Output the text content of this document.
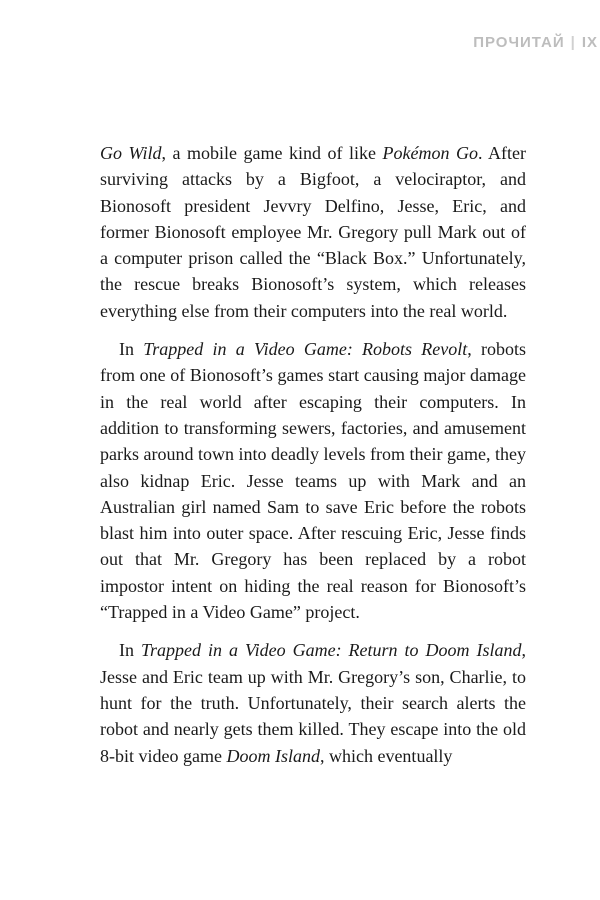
ПРОЧИТАЙ | IX

Go Wild, a mobile game kind of like Pokémon Go. After surviving attacks by a Bigfoot, a velociraptor, and Bionosoft president Jevvry Delfino, Jesse, Eric, and former Bionosoft employee Mr. Gregory pull Mark out of a computer prison called the “Black Box.” Unfortunately, the rescue breaks Bionosoft’s system, which releases everything else from their computers into the real world.

In Trapped in a Video Game: Robots Revolt, robots from one of Bionosoft’s games start causing major damage in the real world after escaping their computers. In addition to transforming sewers, factories, and amusement parks around town into deadly levels from their game, they also kidnap Eric. Jesse teams up with Mark and an Australian girl named Sam to save Eric before the robots blast him into outer space. After rescuing Eric, Jesse finds out that Mr. Gregory has been replaced by a robot impostor intent on hiding the real reason for Bionosoft’s “Trapped in a Video Game” project.

In Trapped in a Video Game: Return to Doom Island, Jesse and Eric team up with Mr. Gregory’s son, Charlie, to hunt for the truth. Unfortunately, their search alerts the robot and nearly gets them killed. They escape into the old 8-bit video game Doom Island, which eventually
